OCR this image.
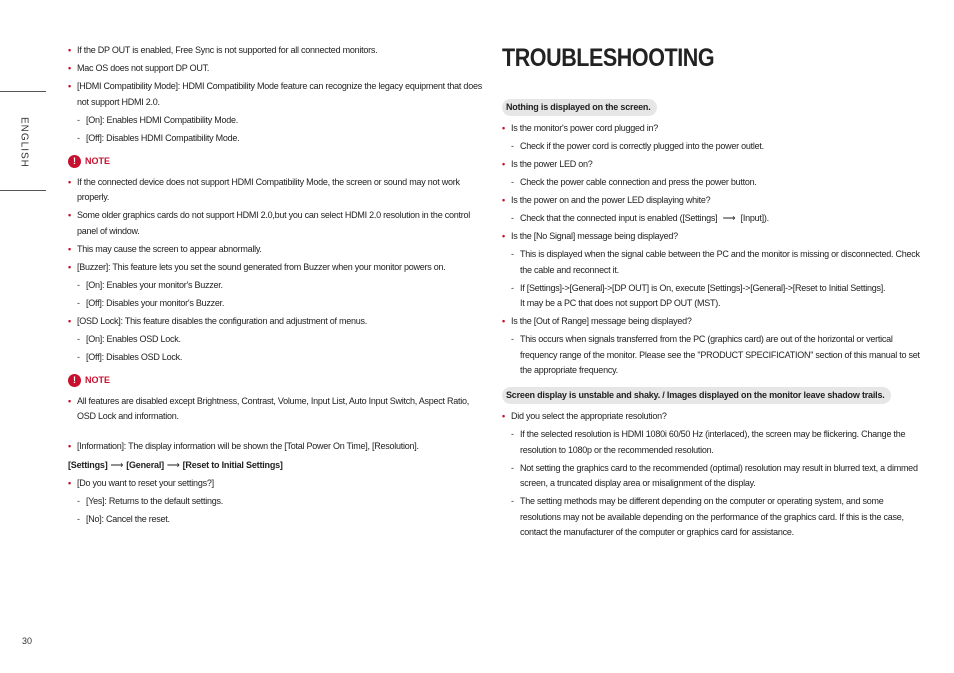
ENGLISH
30
• If the DP OUT is enabled, Free Sync is not supported for all connected monitors.
• Mac OS does not support DP OUT.
• [HDMI Compatibility Mode]: HDMI Compatibility Mode feature can recognize the legacy equipment that does not support HDMI 2.0.
- [On]: Enables HDMI Compatibility Mode.
- [Off]: Disables HDMI Compatibility Mode.
!	NOTE
• If the connected device does not support HDMI Compatibility Mode, the screen or sound may not work properly.
• Some older graphics cards do not support HDMI 2.0,but you can select HDMI 2.0 resolution in the control panel of window.
• This may cause the screen to appear abnormally.
• [Buzzer]: This feature lets you set the sound generated from Buzzer when your monitor powers on.
- [On]: Enables your monitor's Buzzer.
- [Off]: Disables your monitor's Buzzer.
• [OSD Lock]: This feature disables the configuration and adjustment of menus.
- [On]: Enables OSD Lock.
- [Off]: Disables OSD Lock.
!	NOTE
• All features are disabled except Brightness, Contrast, Volume, Input List, Auto Input Switch, Aspect Ratio, OSD Lock and information.
• [Information]: The display information will be shown the [Total Power On Time], [Resolution].
[Settings] ⟶ [General] ⟶ [Reset to Initial Settings]
• [Do you want to reset your settings?]
- [Yes]: Returns to the default settings.
- [No]: Cancel the reset.
TROUBLESHOOTING
Nothing is displayed on the screen.
• Is the monitor's power cord plugged in?
- Check if the power cord is correctly plugged into the power outlet.
• Is the power LED on?
- Check the power cable connection and press the power button.
• Is the power on and the power LED displaying white?
- Check that the connected input is enabled ([Settings] ⟶ [Input]).
• Is the [No Signal] message being displayed?
- This is displayed when the signal cable between the PC and the monitor is missing or disconnected. Check the cable and reconnect it.
- If [Settings]->[General]->[DP OUT] is On, execute [Settings]->[General]->[Reset to Initial Settings].
It may be a PC that does not support DP OUT (MST).
• Is the [Out of Range] message being displayed?
- This occurs when signals transferred from the PC (graphics card) are out of the horizontal or vertical frequency range of the monitor. Please see the "PRODUCT SPECIFICATION" section of this manual to set the appropriate frequency.
Screen display is unstable and shaky. / Images displayed on the monitor leave shadow trails.
• Did you select the appropriate resolution?
- If the selected resolution is HDMI 1080i 60/50 Hz (interlaced), the screen may be flickering. Change the resolution to 1080p or the recommended resolution.
- Not setting the graphics card to the recommended (optimal) resolution may result in blurred text, a dimmed screen, a truncated display area or misalignment of the display.
- The setting methods may be different depending on the computer or operating system, and some resolutions may not be available depending on the performance of the graphics card. If this is the case, contact the manufacturer of the computer or graphics card for assistance.
